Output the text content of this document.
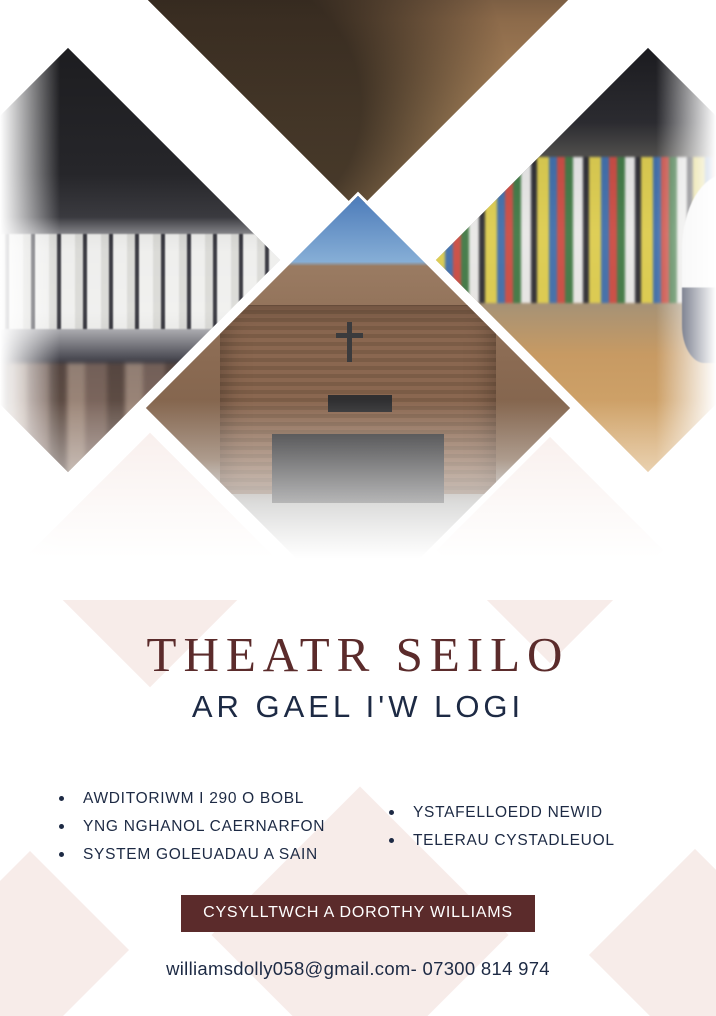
THEATR SEILO
AR GAEL I'W LOGI
AWDITORIWM I 290 O BOBL
YNG NGHANOL CAERNARFON
SYSTEM GOLEUADAU A SAIN
YSTAFELLOEDD NEWID
TELERAU CYSTADLEUOL
CYSYLLTWCH A DOROTHY WILLIAMS
williamsdolly058@gmail.com- 07300 814 974
